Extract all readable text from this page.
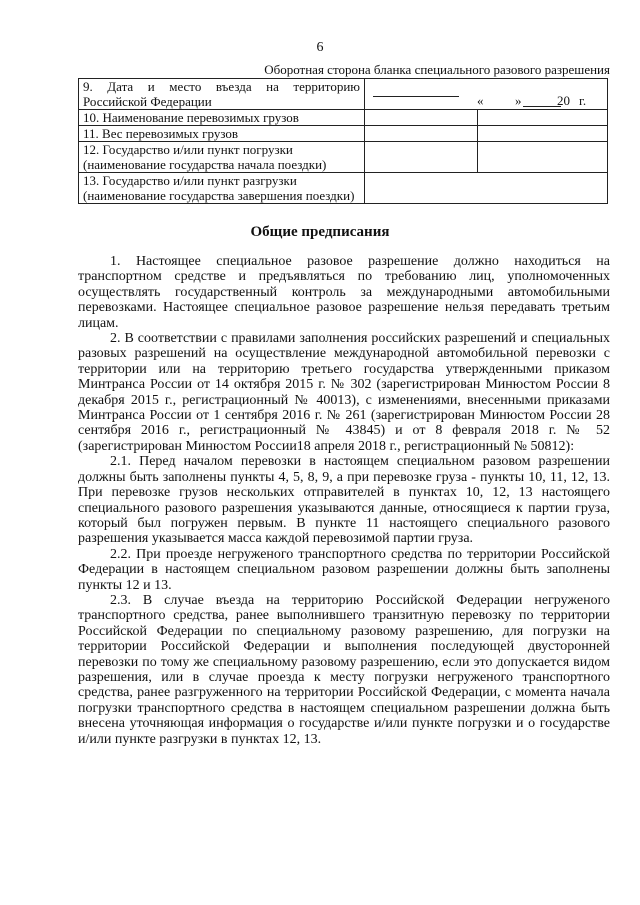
6
Оборотная сторона бланка специального разового разрешения
9. Дата и место въезда на территорию
Российской Федерации	« » 20 г.	

10. Наименование перевозимых грузов		
11. Вес перевозимых грузов		
12. Государство и/или пункт погрузки
(наименование государства начала поездки)		
13. Государство и/или пункт разгрузки
(наименование государства завершения поездки)		
Общие предписания

1. Настоящее специальное разовое разрешение должно находиться на транспортном средстве и предъявляться по требованию лиц, уполномоченных осуществлять государственный контроль за международными автомобильными перевозками. Настоящее специальное разовое разрешение нельзя передавать третьим лицам.

2. В соответствии с правилами заполнения российских разрешений и специальных разовых разрешений на осуществление международной автомобильной перевозки с территории или на территорию третьего государства утвержденными приказом Минтранса России от 14 октября 2015 г. № 302 (зарегистрирован Минюстом России 8 декабря 2015 г., регистрационный № 40013), с изменениями, внесенными приказами Минтранса России от 1 сентября 2016 г. № 261 (зарегистрирован Минюстом России 28 сентября 2016 г., регистрационный № 43845) и от 8 февраля 2018 г. № 52 (зарегистрирован Минюстом России18 апреля 2018 г., регистрационный № 50812):

2.1. Перед началом перевозки в настоящем специальном разовом разрешении должны быть заполнены пункты 4, 5, 8, 9, а при перевозке груза - пункты 10, 11, 12, 13. При перевозке грузов нескольких отправителей в пунктах 10, 12, 13 настоящего специального разового разрешения указываются данные, относящиеся к партии груза, который был погружен первым. В пункте 11 настоящего специального разового разрешения указывается масса каждой перевозимой партии груза.

2.2. При проезде негруженого транспортного средства по территории Российской Федерации в настоящем специальном разовом разрешении должны быть заполнены пункты 12 и 13.

2.3. В случае въезда на территорию Российской Федерации негруженого транспортного средства, ранее выполнившего транзитную перевозку по территории Российской Федерации по специальному разовому разрешению, для погрузки на территории Российской Федерации и выполнения последующей двусторонней перевозки по тому же специальному разовому разрешению, если это допускается видом разрешения, или в случае проезда к месту погрузки негруженого транспортного средства, ранее разгруженного на территории Российской Федерации, с момента начала погрузки транспортного средства в настоящем специальном разрешении должна быть внесена уточняющая информация о государстве и/или пункте погрузки и о государстве и/или пункте разгрузки в пунктах 12, 13.
